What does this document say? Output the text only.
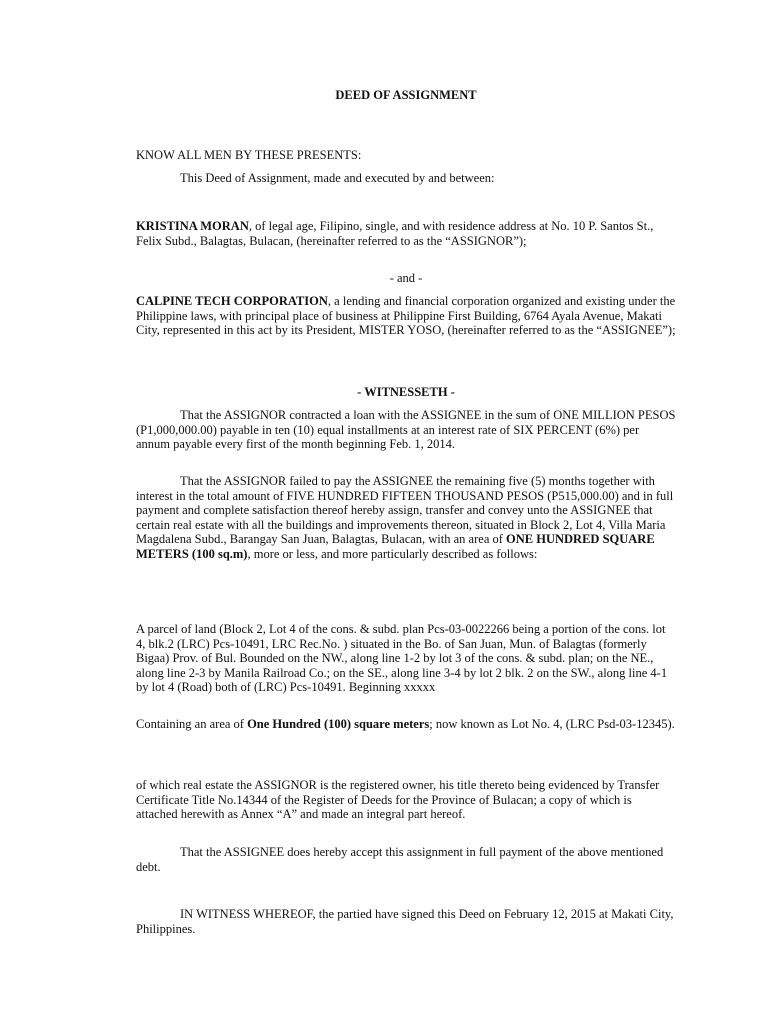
DEED OF ASSIGNMENT

KNOW ALL MEN BY THESE PRESENTS:

This Deed of Assignment, made and executed by and between:

KRISTINA MORAN, of legal age, Filipino, single, and with residence address at No. 10 P. Santos St., Felix Subd., Balagtas, Bulacan, (hereinafter referred to as the “ASSIGNOR”);

- and -

CALPINE TECH CORPORATION, a lending and financial corporation organized and existing under the Philippine laws, with principal place of business at Philippine First Building, 6764 Ayala Avenue, Makati City, represented in this act by its President, MISTER YOSO, (hereinafter referred to as the “ASSIGNEE”);

- WITNESSETH -

That the ASSIGNOR contracted a loan with the ASSIGNEE in the sum of ONE MILLION PESOS (P1,000,000.00) payable in ten (10) equal installments at an interest rate of SIX PERCENT (6%) per annum payable every first of the month beginning Feb. 1, 2014.

That the ASSIGNOR failed to pay the ASSIGNEE the remaining five (5) months together with interest in the total amount of FIVE HUNDRED FIFTEEN THOUSAND PESOS (P515,000.00) and in full payment and complete satisfaction thereof hereby assign, transfer and convey unto the ASSIGNEE that certain real estate with all the buildings and improvements thereon, situated in Block 2, Lot 4, Villa Maria Magdalena Subd., Barangay San Juan, Balagtas, Bulacan, with an area of ONE HUNDRED SQUARE METERS (100 sq.m), more or less, and more particularly described as follows:

A parcel of land (Block 2, Lot 4 of the cons. & subd. plan Pcs-03-0022266 being a portion of the cons. lot 4, blk.2 (LRC) Pcs-10491, LRC Rec.No. ) situated in the Bo. of San Juan, Mun. of Balagtas (formerly Bigaa) Prov. of Bul. Bounded on the NW., along line 1-2 by lot 3 of the cons. & subd. plan; on the NE., along line 2-3 by Manila Railroad Co.; on the SE., along line 3-4 by lot 2 blk. 2 on the SW., along line 4-1 by lot 4 (Road) both of (LRC) Pcs-10491. Beginning xxxxx

Containing an area of One Hundred (100) square meters; now known as Lot No. 4, (LRC Psd-03-12345).

of which real estate the ASSIGNOR is the registered owner, his title thereto being evidenced by Transfer Certificate Title No.14344 of the Register of Deeds for the Province of Bulacan; a copy of which is attached herewith as Annex “A” and made an integral part hereof.

That the ASSIGNEE does hereby accept this assignment in full payment of the above mentioned debt.

IN WITNESS WHEREOF, the partied have signed this Deed on February 12, 2015 at Makati City, Philippines.
